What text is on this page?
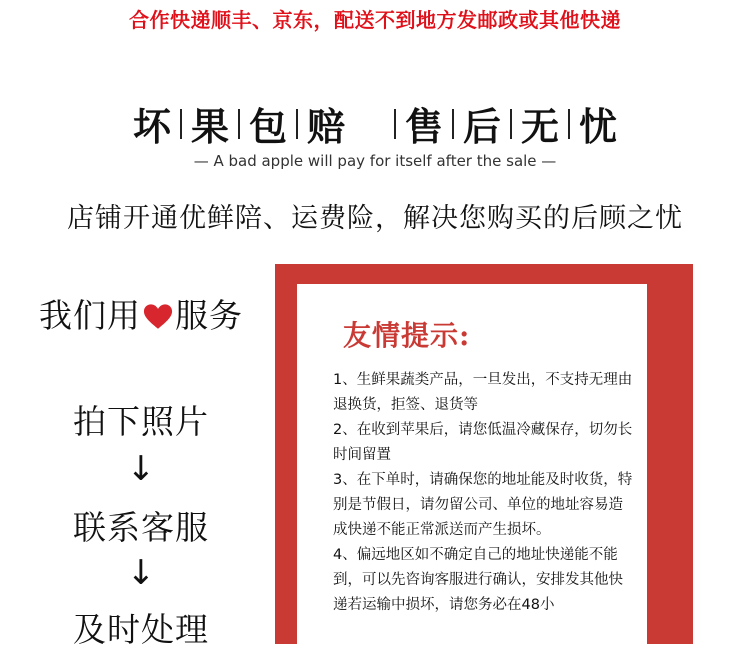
合作快递顺丰、京东，配送不到地方发邮政或其他快递
坏 果 包 赔 售 后 无 忧
— A bad apple will pay for itself after the sale —
店铺开通优鲜陪、运费险，解决您购买的后顾之忧
我们用 服务
拍下照片
↓
联系客服
↓
及时处理
友情提示:

1、生鲜果蔬类产品，一旦发出，不支持无理由退换货，拒签、退货等

2、在收到苹果后，请您低温冷藏保存，切勿长时间留置

3、在下单时，请确保您的地址能及时收货，特别是节假日，请勿留公司、单位的地址容易造成快递不能正常派送而产生损坏。

4、偏远地区如不确定自己的地址快递能不能到，可以先咨询客服进行确认，安排发其他快递若运输中损坏，请您务必在48小
